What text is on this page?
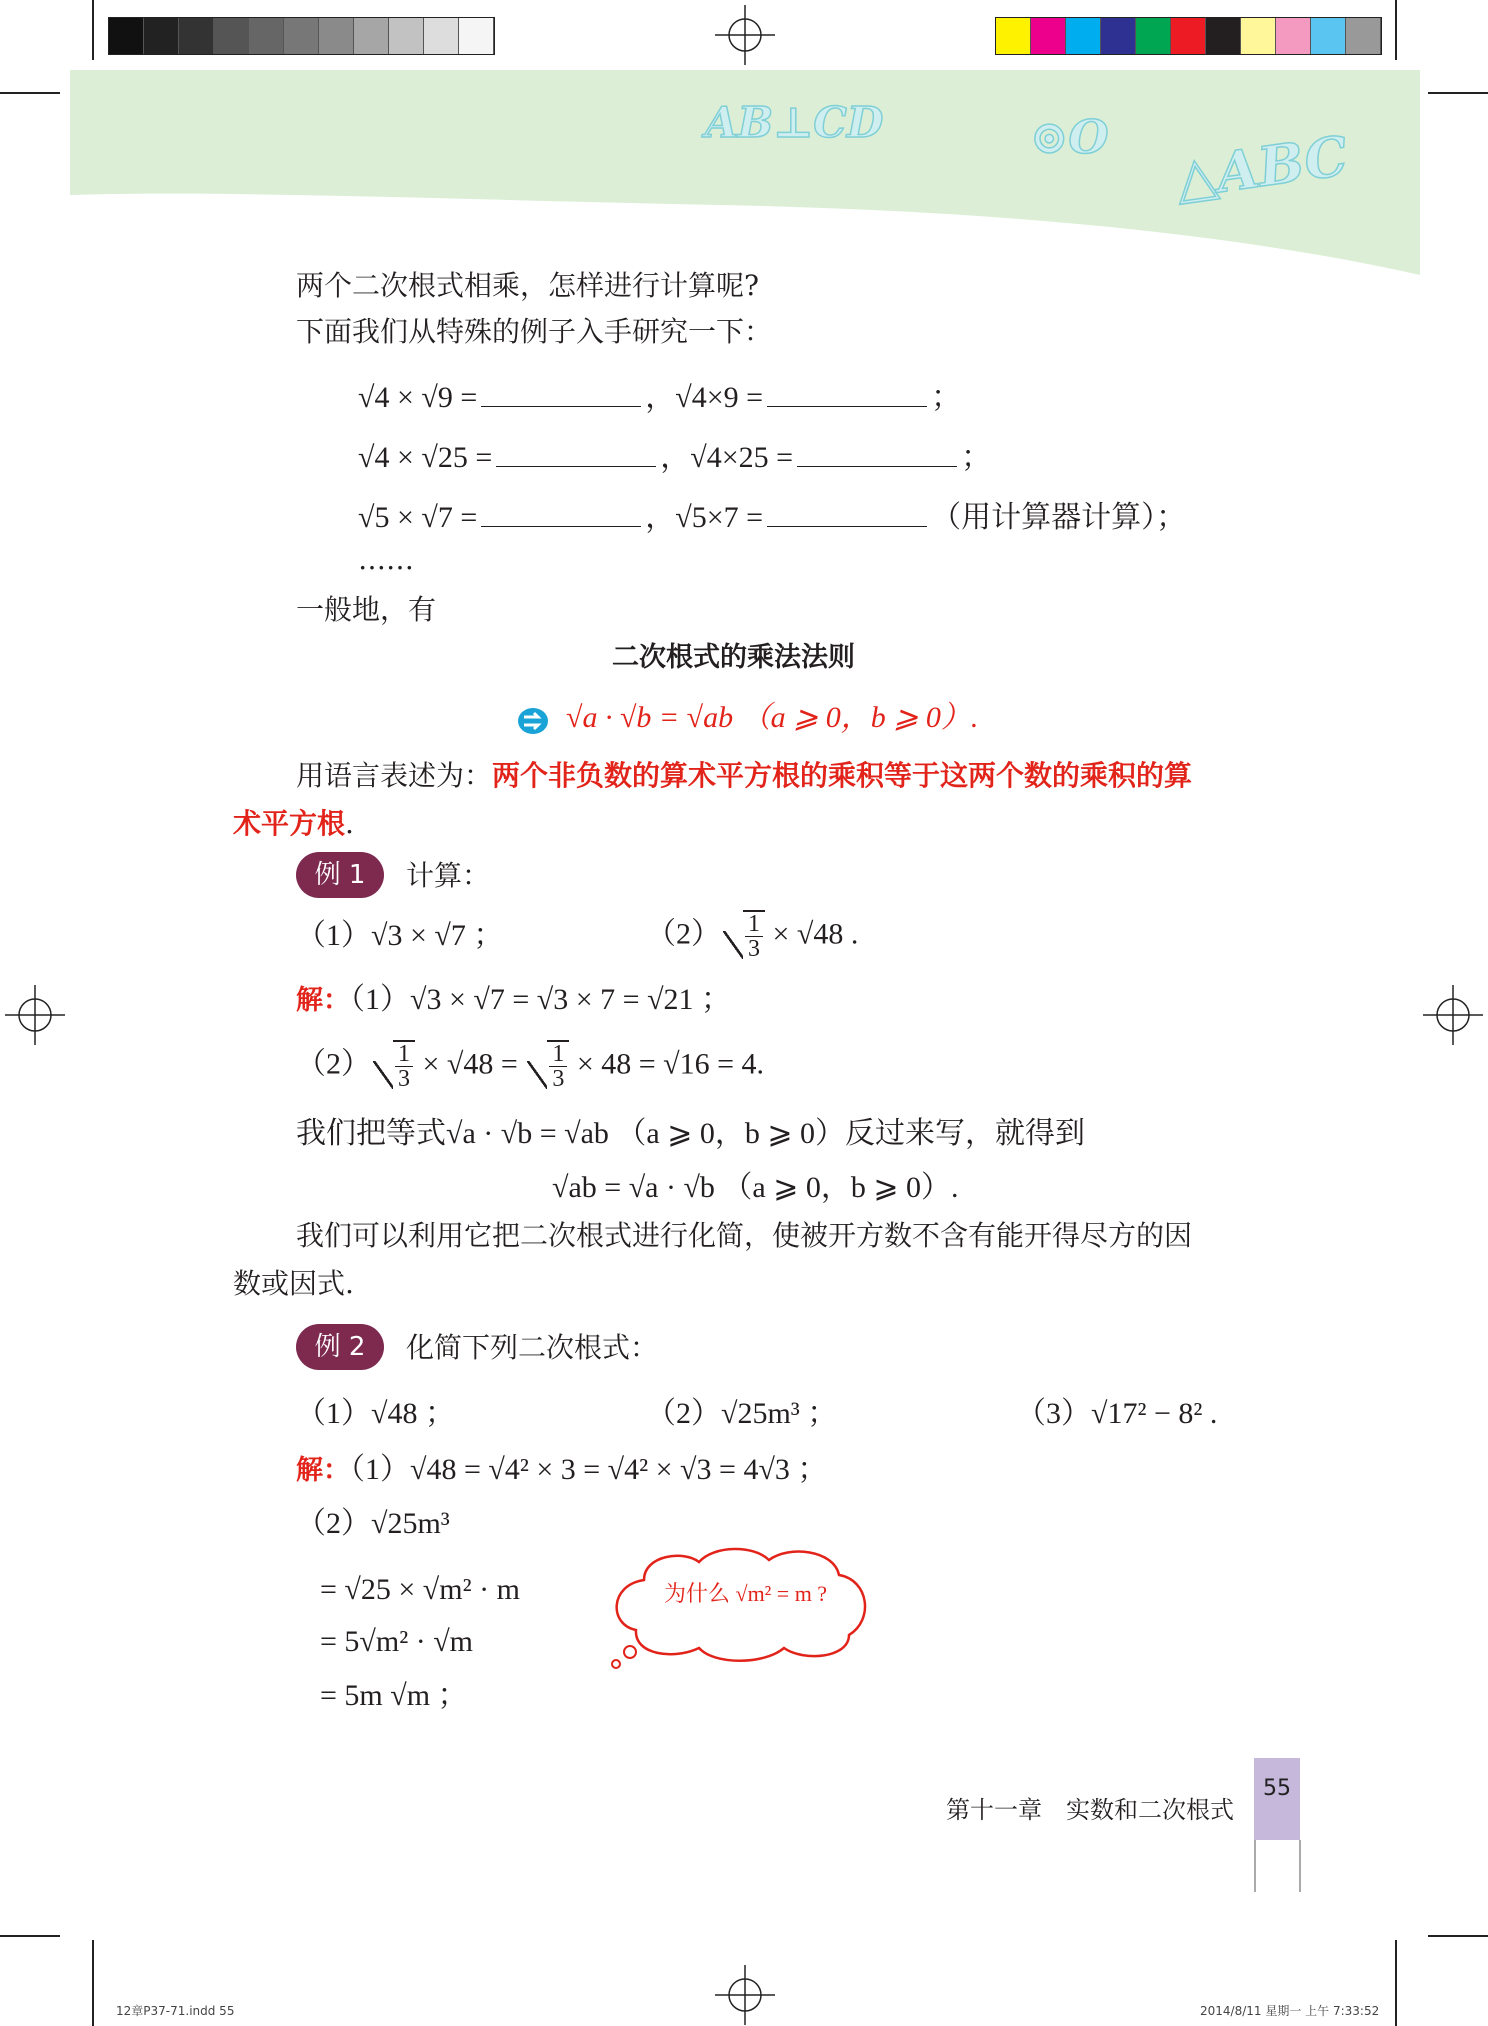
AB⊥CD	⊙O △ABC
两个二次根式相乘，怎样进行计算呢?
下面我们从特殊的例子入手研究一下：
√4 × √9 =	，√4×9 =	；
√4 × √25 =	，√4×25 =	；
√5 × √7 =	，√5×7 =	（用计算器计算）；
……
一般地，有
二次根式的乘法法则
√a · √b = √ab （a ⩾ 0，b ⩾ 0）.
用语言表述为：两个非负数的算术平方根的乘积等于这两个数的乘积的算
术平方根.
例 1	计算：
（1）√3 × √7 ；	$(2) \frac{1}{3} \times √48$ .
解：（1）√3 × √7 = √3 × 7 = √21 ；
$(2) \frac{1}{3} \times √48 = \frac{1}{3} \times 48 = √16 = 4$.
我们把等式√a · √b = √ab （a ⩾ 0，b ⩾ 0）反过来写，就得到
√ab = √a · √b （a ⩾ 0，b ⩾ 0）.
我们可以利用它把二次根式进行化简，使被开方数不含有能开得尽方的因
数或因式.
例 2	化简下列二次根式：
（1）√48 ；	（2）√25m³ ；	（3）√17² − 8² .
解：（1）√48 = √4² × 3 = √4² × √3 = 4√3 ；
（2）√25m³
= √25 × √m² · m
= 5√m² · √m
= 5m √m ；
为什么 √m² = m ?
第十一章　实数和二次根式
55
12章P37-71.indd 55	2014/8/11 星期一 上午 7:33:52
